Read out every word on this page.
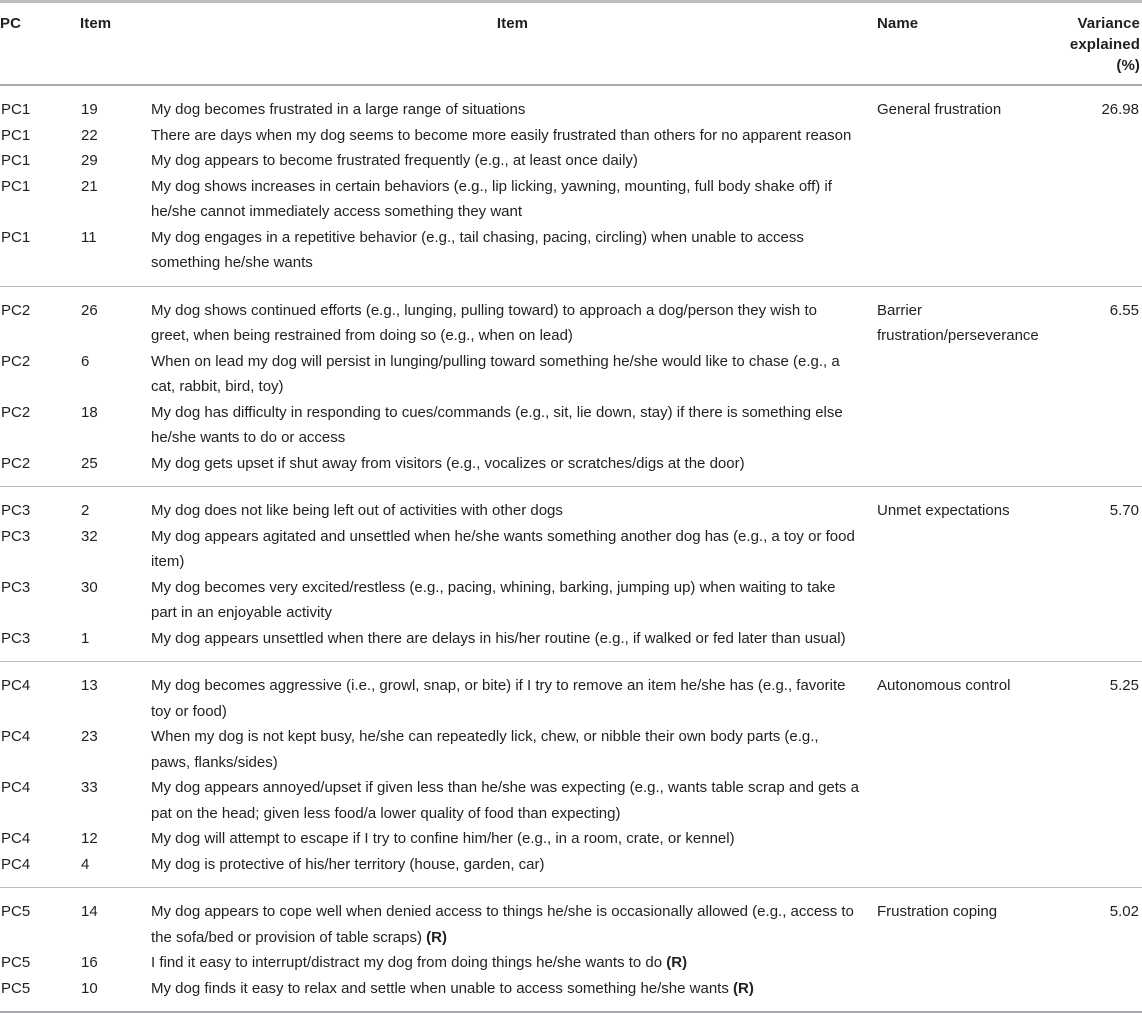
PC	Item	Item	Name	Variance
explained
(%)

PC1	19	My dog becomes frustrated in a large range of situations	General frustration	26.98
PC1	22	There are days when my dog seems to become more easily frustrated than others for no apparent reason		
PC1	29	My dog appears to become frustrated frequently (e.g., at least once daily)		
PC1	21	My dog shows increases in certain behaviors (e.g., lip licking, yawning, mounting, full body shake off) if he/she cannot immediately access something they want		
PC1	11	My dog engages in a repetitive behavior (e.g., tail chasing, pacing, circling) when unable to access something he/she wants		

PC2	26	My dog shows continued efforts (e.g., lunging, pulling toward) to approach a dog/person they wish to greet, when being restrained from doing so (e.g., when on lead)	Barrier frustration/perseverance	6.55
PC2	6	When on lead my dog will persist in lunging/pulling toward something he/she would like to chase (e.g., a cat, rabbit, bird, toy)		
PC2	18	My dog has difficulty in responding to cues/commands (e.g., sit, lie down, stay) if there is something else he/she wants to do or access		
PC2	25	My dog gets upset if shut away from visitors (e.g., vocalizes or scratches/digs at the door)		

PC3	2	My dog does not like being left out of activities with other dogs	Unmet expectations	5.70
PC3	32	My dog appears agitated and unsettled when he/she wants something another dog has (e.g., a toy or food item)		
PC3	30	My dog becomes very excited/restless (e.g., pacing, whining, barking, jumping up) when waiting to take part in an enjoyable activity		
PC3	1	My dog appears unsettled when there are delays in his/her routine (e.g., if walked or fed later than usual)		

PC4	13	My dog becomes aggressive (i.e., growl, snap, or bite) if I try to remove an item he/she has (e.g., favorite toy or food)	Autonomous control	5.25
PC4	23	When my dog is not kept busy, he/she can repeatedly lick, chew, or nibble their own body parts (e.g., paws, flanks/sides)		
PC4	33	My dog appears annoyed/upset if given less than he/she was expecting (e.g., wants table scrap and gets a pat on the head; given less food/a lower quality of food than expecting)		
PC4	12	My dog will attempt to escape if I try to confine him/her (e.g., in a room, crate, or kennel)		
PC4	4	My dog is protective of his/her territory (house, garden, car)		

PC5	14	My dog appears to cope well when denied access to things he/she is occasionally allowed (e.g., access to the sofa/bed or provision of table scraps) (R)	Frustration coping	5.02
PC5	16	I find it easy to interrupt/distract my dog from doing things he/she wants to do (R)		
PC5	10	My dog finds it easy to relax and settle when unable to access something he/she wants (R)		
